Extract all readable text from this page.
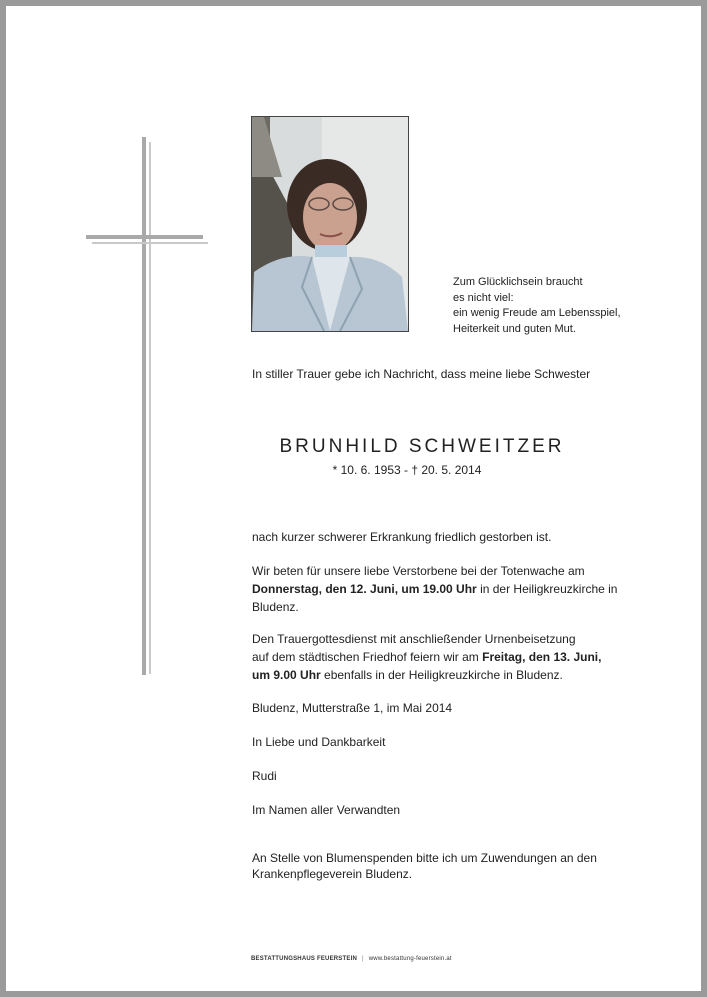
Zum Glücklichsein braucht
es nicht viel:
ein wenig Freude am Lebensspiel,
Heiterkeit und guten Mut.
In stiller Trauer gebe ich Nachricht, dass meine liebe Schwester
BRUNHILD SCHWEITZER
* 10. 6. 1953 - † 20. 5. 2014
nach kurzer schwerer Erkrankung friedlich gestorben ist.
Wir beten für unsere liebe Verstorbene bei der Totenwache am
Donnerstag, den 12. Juni, um 19.00 Uhr in der Heiligkreuzkirche in
Bludenz.
Den Trauergottesdienst mit anschließender Urnenbeisetzung
auf dem städtischen Friedhof feiern wir am Freitag, den 13. Juni,
um 9.00 Uhr ebenfalls in der Heiligkreuzkirche in Bludenz.
Bludenz, Mutterstraße 1, im Mai 2014
In Liebe und Dankbarkeit
Rudi
Im Namen aller Verwandten
An Stelle von Blumenspenden bitte ich um Zuwendungen an den
Krankenpflegeverein Bludenz.
BESTATTUNGSHAUS FEUERSTEIN | www.bestattung-feuerstein.at
